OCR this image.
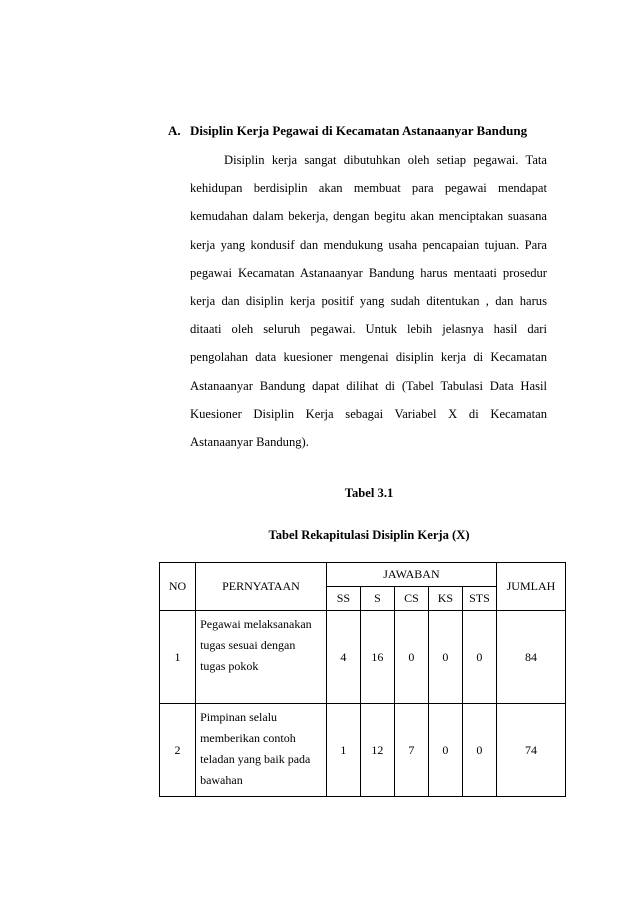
A. Disiplin Kerja Pegawai di Kecamatan Astanaanyar Bandung

Disiplin kerja sangat dibutuhkan oleh setiap pegawai. Tata kehidupan berdisiplin akan membuat para pegawai mendapat kemudahan dalam bekerja, dengan begitu akan menciptakan suasana kerja yang kondusif dan mendukung usaha pencapaian tujuan. Para pegawai Kecamatan Astanaanyar Bandung harus mentaati prosedur kerja dan disiplin kerja positif yang sudah ditentukan , dan harus ditaati oleh seluruh pegawai. Untuk lebih jelasnya hasil dari pengolahan data kuesioner mengenai disiplin kerja di Kecamatan Astanaanyar Bandung dapat dilihat di (Tabel Tabulasi Data Hasil Kuesioner Disiplin Kerja sebagai Variabel X di Kecamatan Astanaanyar Bandung).

Tabel 3.1
Tabel Rekapitulasi Disiplin Kerja (X)
NO	PERNYATAAN	JAWABAN					JUMLAH
		SS	S	CS	KS	STS	
1	Pegawai melaksanakan tugas sesuai dengan tugas pokok	4	16	0	0	0	84
2	Pimpinan selalu memberikan contoh teladan yang baik pada bawahan	1	12	7	0	0	74
